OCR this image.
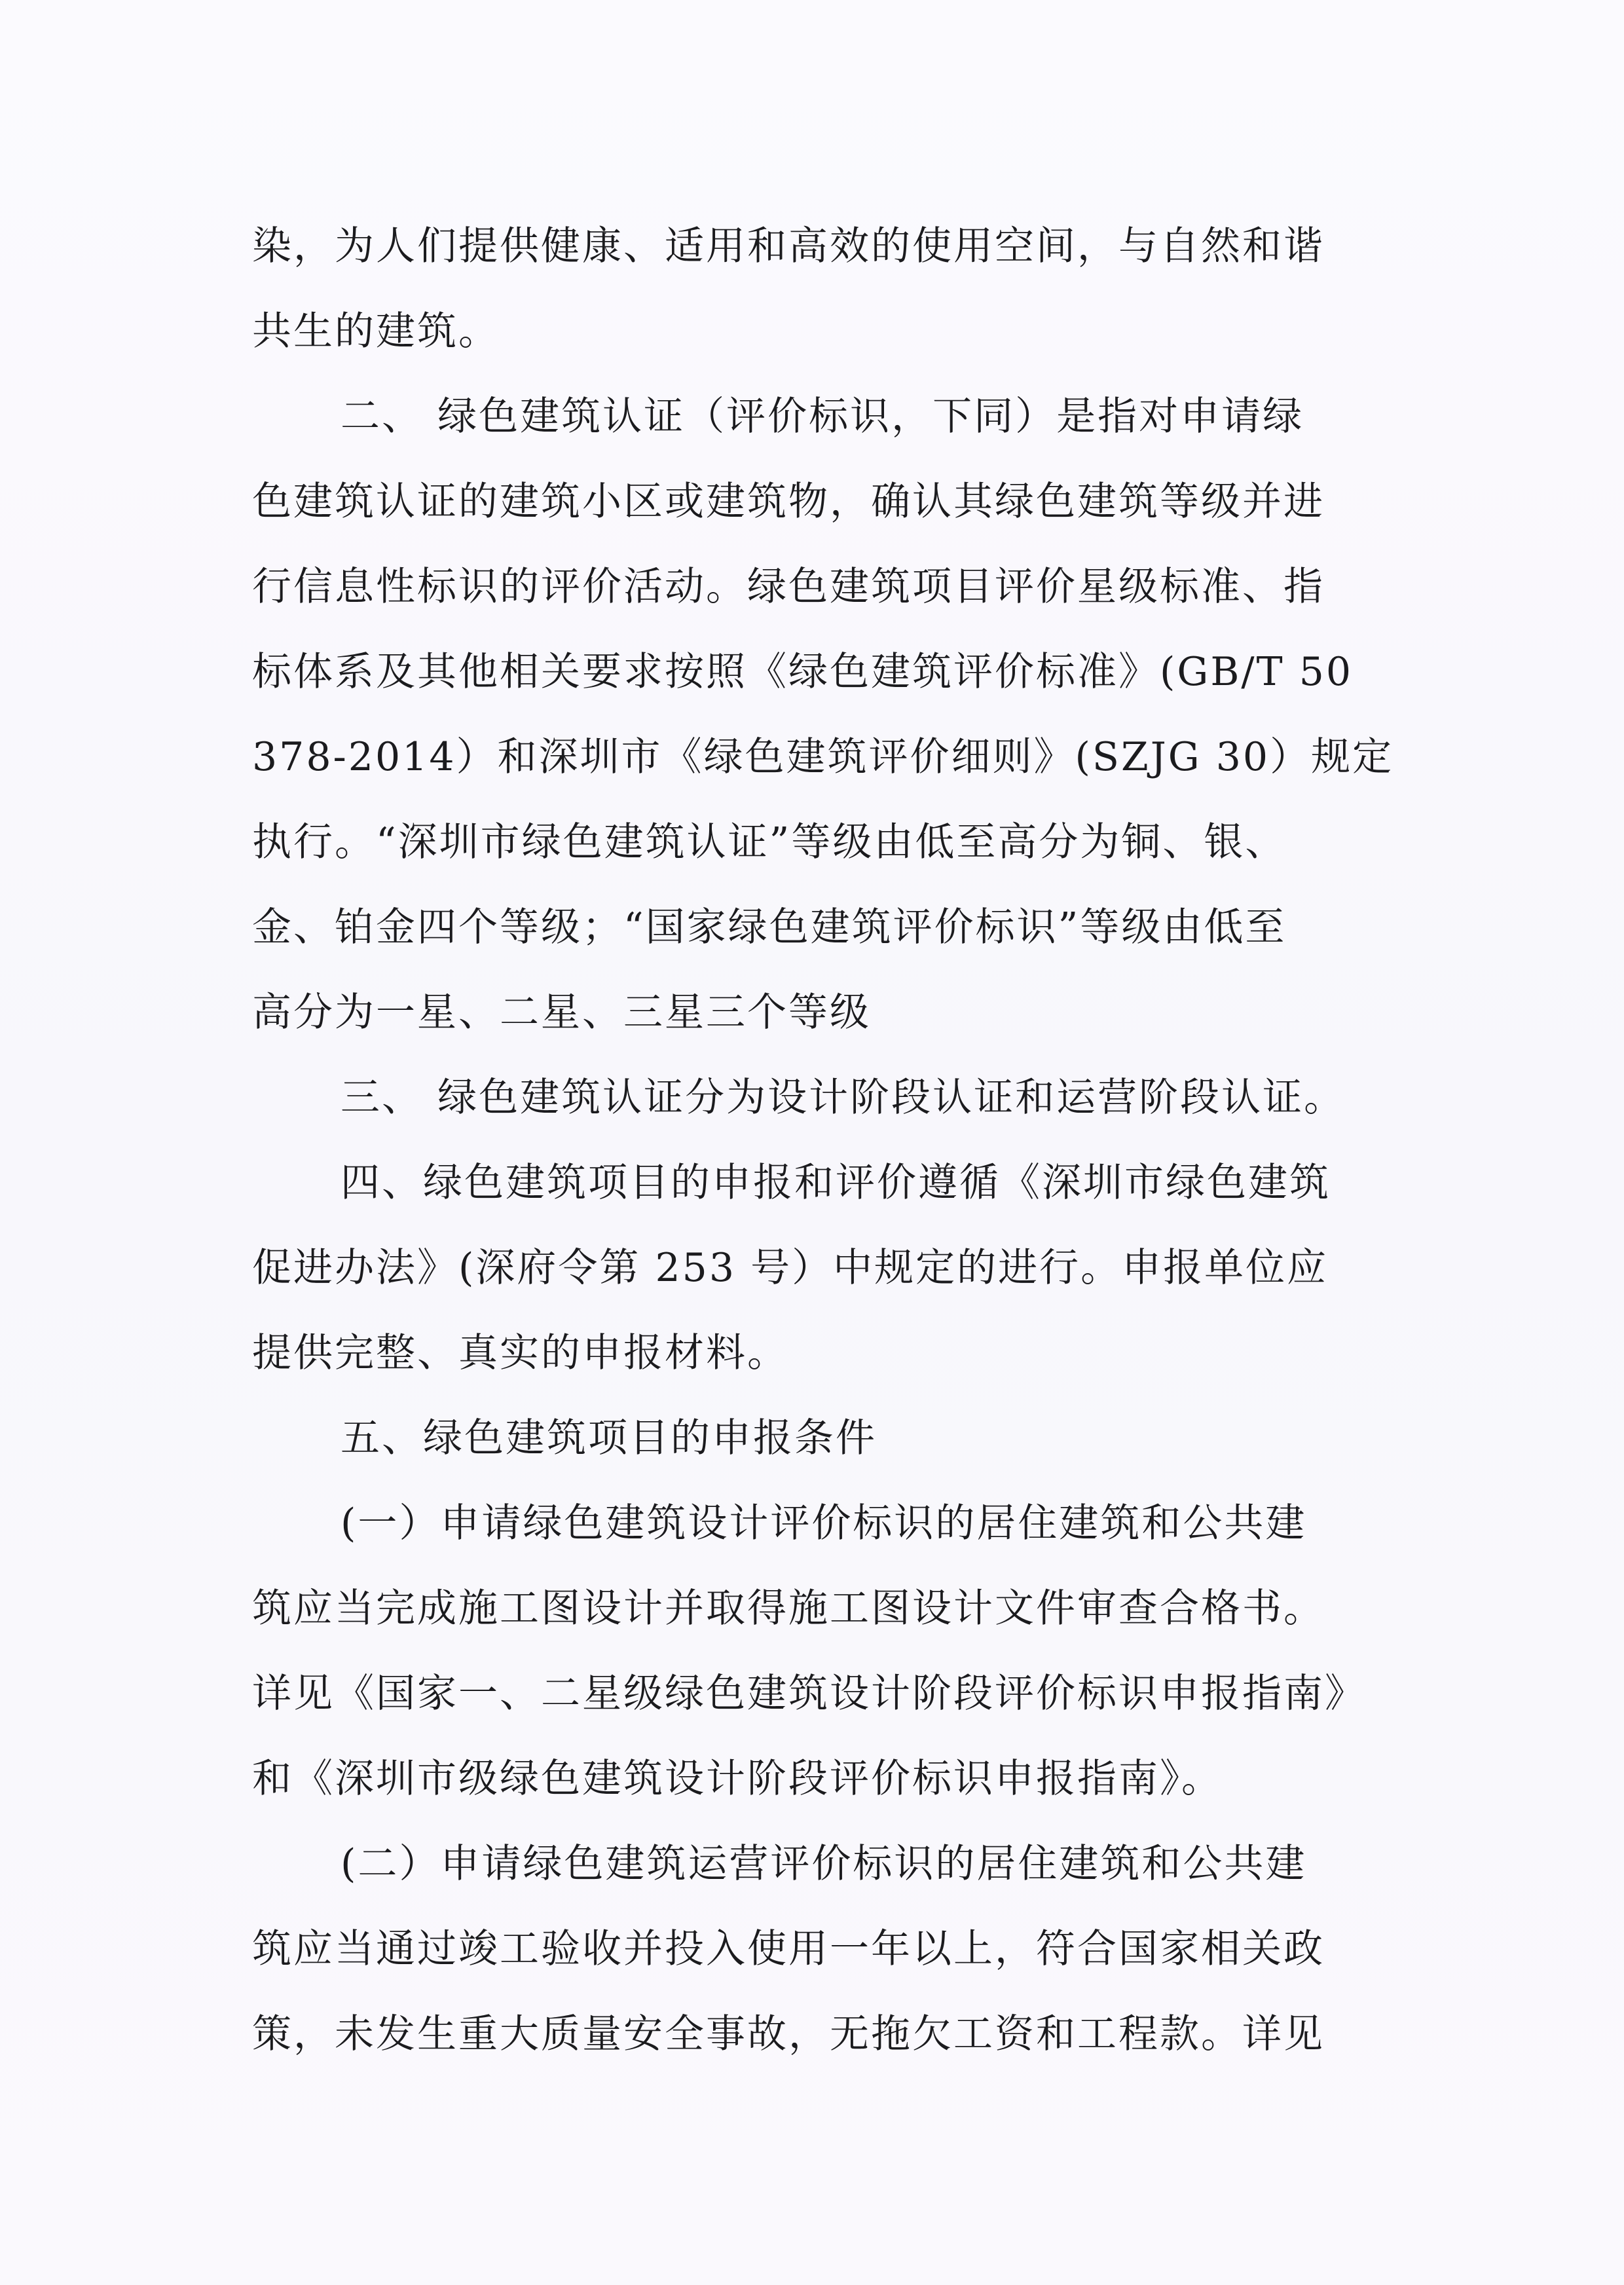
染，为人们提供健康、适用和高效的使用空间，与自然和谐

共生的建筑。

二、 绿色建筑认证（评价标识，下同）是指对申请绿

色建筑认证的建筑小区或建筑物，确认其绿色建筑等级并进

行信息性标识的评价活动。绿色建筑项目评价星级标准、指

标体系及其他相关要求按照《绿色建筑评价标准》(GB/T 50

378-2014）和深圳市《绿色建筑评价细则》(SZJG 30）规定

执行。“深圳市绿色建筑认证”等级由低至高分为铜、银、

金、铂金四个等级；“国家绿色建筑评价标识”等级由低至

高分为一星、二星、三星三个等级

三、 绿色建筑认证分为设计阶段认证和运营阶段认证。

四、绿色建筑项目的申报和评价遵循《深圳市绿色建筑

促进办法》(深府令第 253 号）中规定的进行。申报单位应

提供完整、真实的申报材料。

五、绿色建筑项目的申报条件

(一）申请绿色建筑设计评价标识的居住建筑和公共建

筑应当完成施工图设计并取得施工图设计文件审查合格书。

详见《国家一、二星级绿色建筑设计阶段评价标识申报指南》

和《深圳市级绿色建筑设计阶段评价标识申报指南》。

(二）申请绿色建筑运营评价标识的居住建筑和公共建

筑应当通过竣工验收并投入使用一年以上，符合国家相关政

策，未发生重大质量安全事故，无拖欠工资和工程款。详见
